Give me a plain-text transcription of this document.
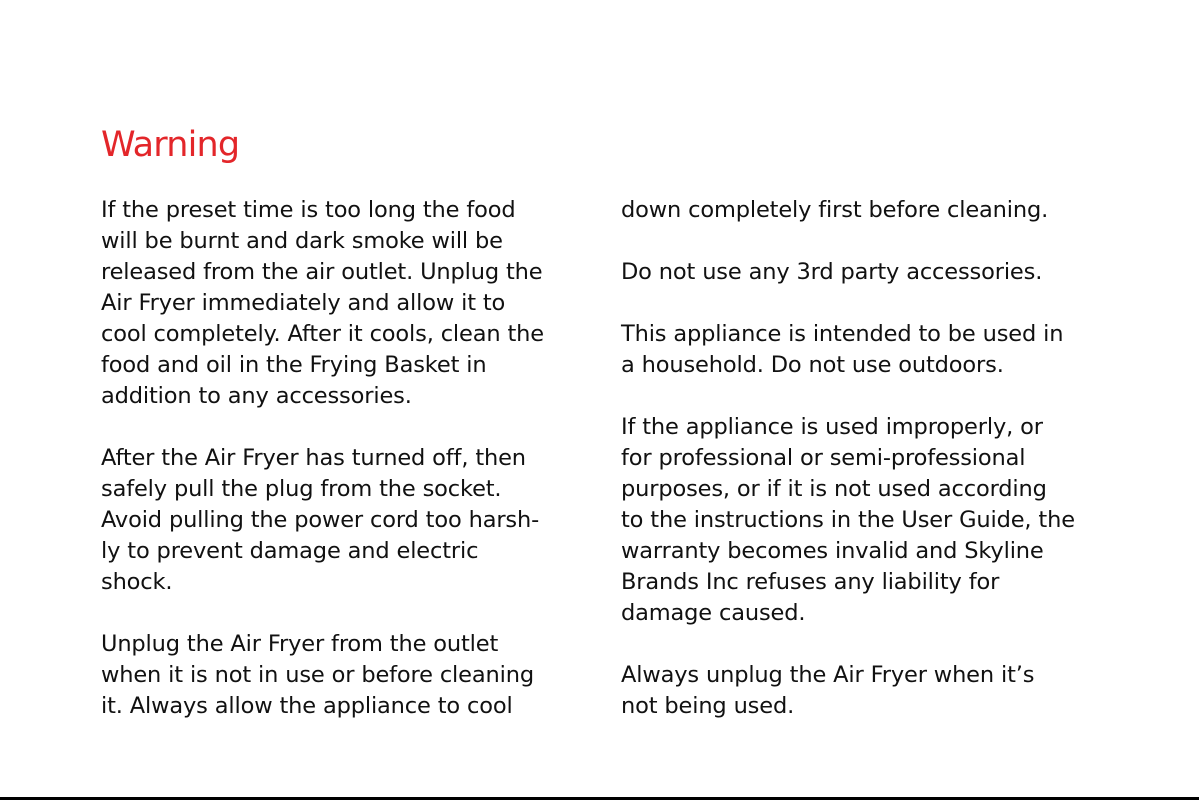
Warning

If the preset time is too long the food
will be burnt and dark smoke will be
released from the air outlet. Unplug the
Air Fryer immediately and allow it to
cool completely. After it cools, clean the
food and oil in the Frying Basket in
addition to any accessories.

After the Air Fryer has turned off, then
safely pull the plug from the socket.
Avoid pulling the power cord too harsh-
ly to prevent damage and electric
shock.

Unplug the Air Fryer from the outlet
when it is not in use or before cleaning
it. Always allow the appliance to cool

down completely first before cleaning.

Do not use any 3rd party accessories.

This appliance is intended to be used in
a household. Do not use outdoors.

If the appliance is used improperly, or
for professional or semi-professional
purposes, or if it is not used according
to the instructions in the User Guide, the
warranty becomes invalid and Skyline
Brands Inc refuses any liability for
damage caused.

Always unplug the Air Fryer when it’s
not being used.
